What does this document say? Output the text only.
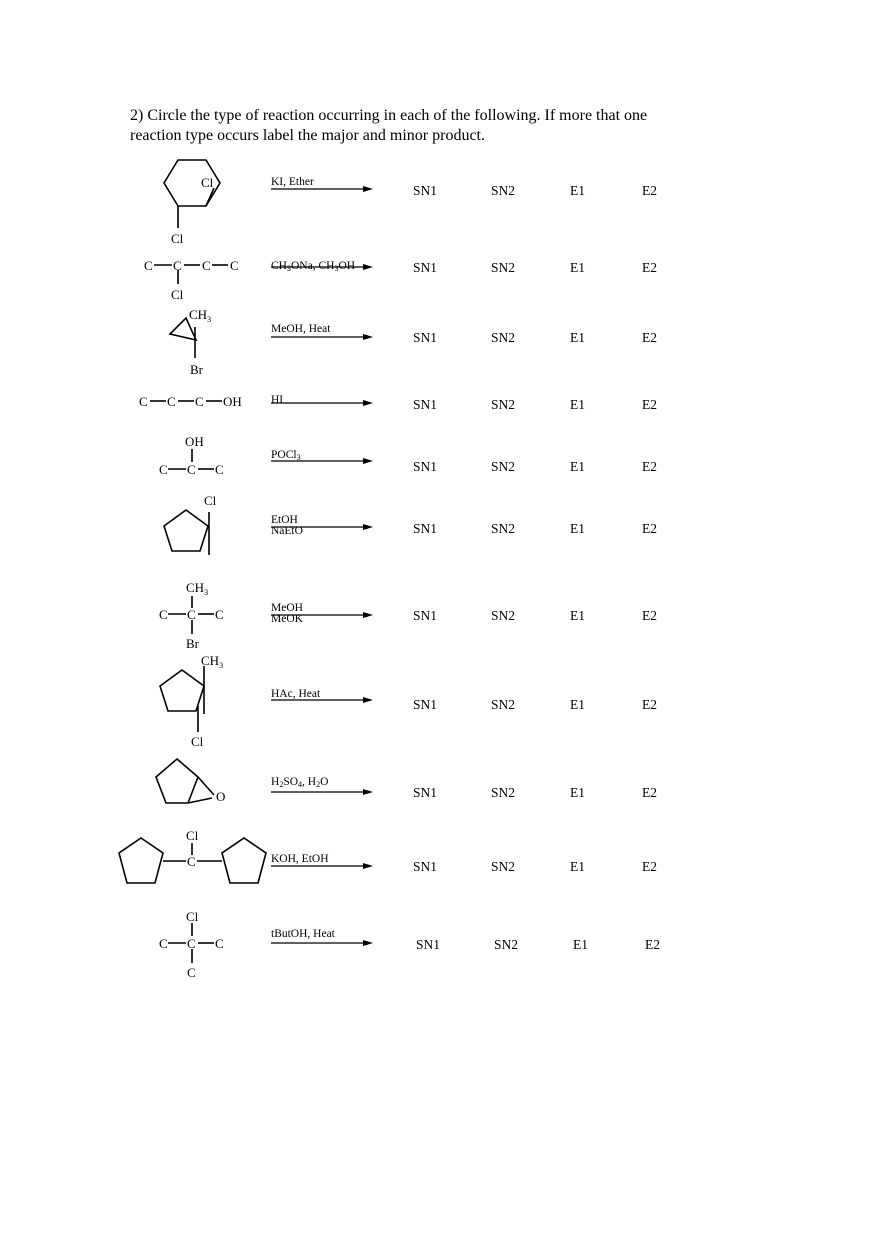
2) Circle the type of reaction occurring in each of the following. If more that one
reaction type occurs label the major and minor product.
Cl
Cl
C C C C
Cl
$CH_3$
Br
C C C OH
OH
C C C
Cl
$CH_3$
C C C
Br
$CH_3$
Cl
O
Cl
C
Cl
C C C
C
KI, Ether
$CH_3ONa$, $CH_3OH$
MeOH, Heat
HI
POCl$_3$
EtOH
NaEtO
MeOH
MeOK
HAc, Heat
$H_2SO_4$, $H_2O$
KOH, EtOH
tButOH, Heat
SN1	SN2	E1	E2
SN1	SN2	E1	E2
SN1	SN2	E1	E2
SN1	SN2	E1	E2
SN1	SN2	E1	E2
SN1	SN2	E1	E2
SN1	SN2	E1	E2
SN1	SN2	E1	E2
SN1	SN2	E1	E2
SN1	SN2	E1	E2
SN1	SN2	E1	E2
